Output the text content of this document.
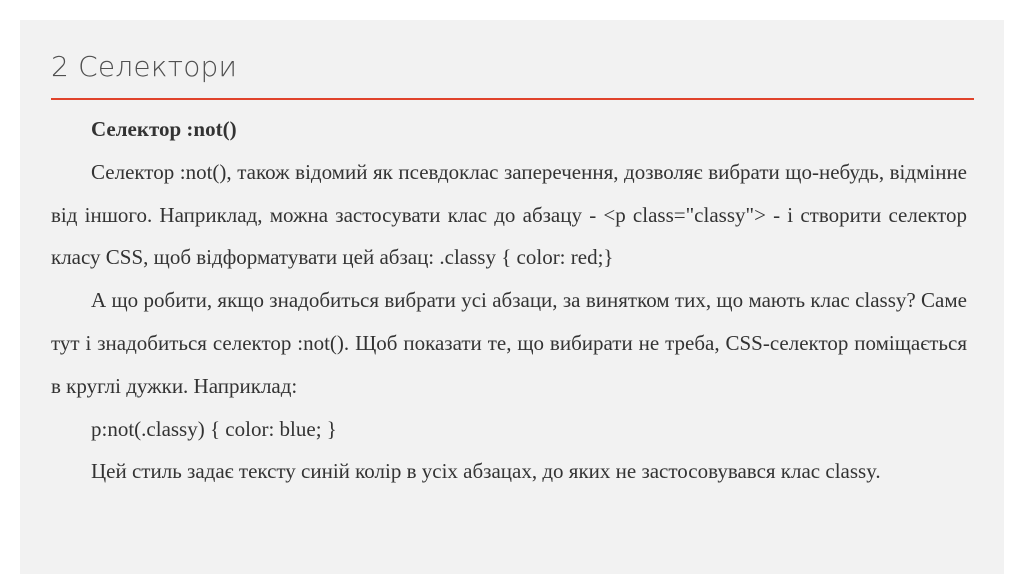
2 Селектори

Селектор :not()

Селектор :not(), також відомий як псевдоклас заперечення, дозволяє вибрати що-небудь, відмінне від іншого. Наприклад, можна застосувати клас до абзацу - <p class="classy"> - і створити селектор класу CSS, щоб відформатувати цей абзац: .classy { color: red;}

А що робити, якщо знадобиться вибрати усі абзаци, за винятком тих, що мають клас classy? Саме тут і знадобиться селектор :not(). Щоб показати те, що вибирати не треба, CSS-селектор поміщається в круглі дужки. Наприклад:

p:not(.classy) { color: blue; }

Цей стиль задає тексту синій колір в усіх абзацах, до яких не застосовувався клас classy.
